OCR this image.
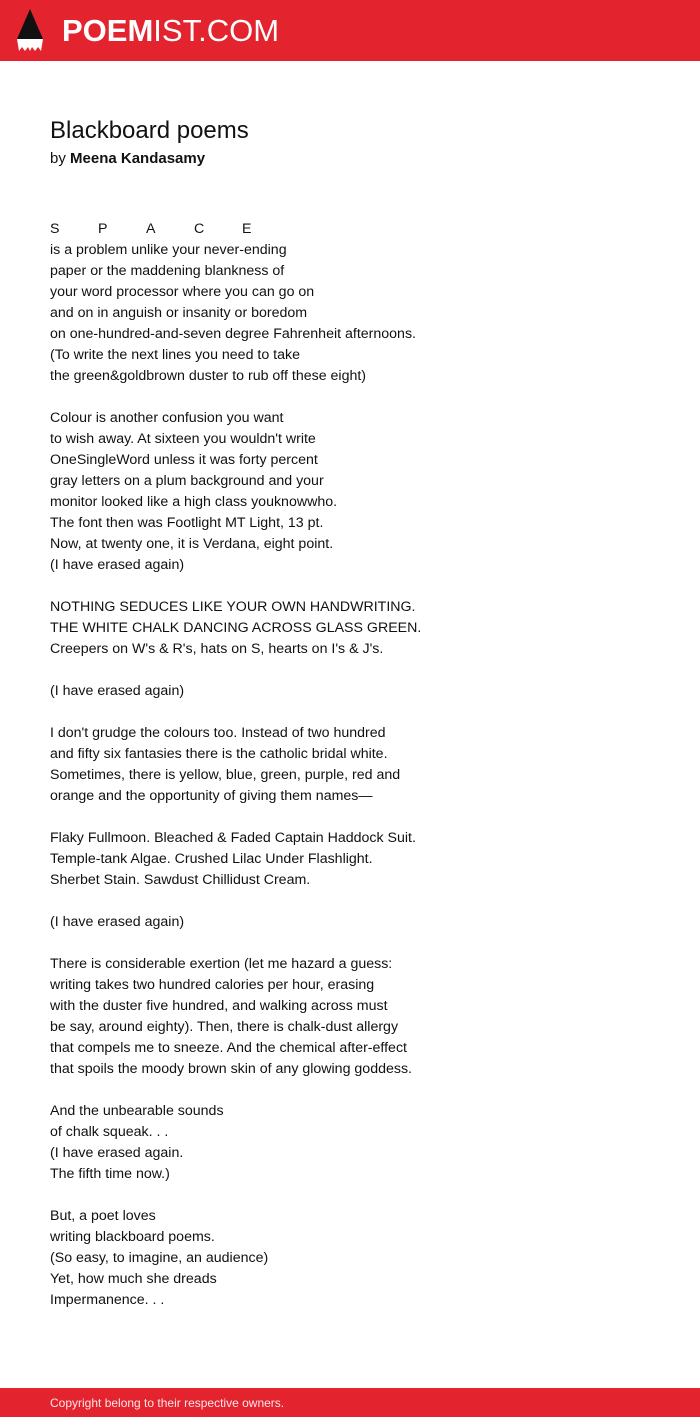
POEMIST.COM
Blackboard poems
by Meena Kandasamy
S	P	A	C	E
is a problem unlike your never-ending
paper or the maddening blankness of
your word processor where you can go on
and on in anguish or insanity or boredom
on one-hundred-and-seven degree Fahrenheit afternoons.
(To write the next lines you need to take
the green&goldbrown duster to rub off these eight)
Colour is another confusion you want
to wish away. At sixteen you wouldn't write
OneSingleWord unless it was forty percent
gray letters on a plum background and your
monitor looked like a high class youknowwho.
The font then was Footlight MT Light, 13 pt.
Now, at twenty one, it is Verdana, eight point.
(I have erased again)
NOTHING SEDUCES LIKE YOUR OWN HANDWRITING.
THE WHITE CHALK DANCING ACROSS GLASS GREEN.
Creepers on W's & R's, hats on S, hearts on I's & J's.
(I have erased again)
I don't grudge the colours too. Instead of two hundred
and fifty six fantasies there is the catholic bridal white.
Sometimes, there is yellow, blue, green, purple, red and
orange and the opportunity of giving them names—
Flaky Fullmoon. Bleached & Faded Captain Haddock Suit.
Temple-tank Algae. Crushed Lilac Under Flashlight.
Sherbet Stain. Sawdust Chillidust Cream.
(I have erased again)
There is considerable exertion (let me hazard a guess:
writing takes two hundred calories per hour, erasing
with the duster five hundred, and walking across must
be say, around eighty). Then, there is chalk-dust allergy
that compels me to sneeze. And the chemical after-effect
that spoils the moody brown skin of any glowing goddess.
And the unbearable sounds
of chalk squeak. . .
(I have erased again.
The fifth time now.)
But, a poet loves
writing blackboard poems.
(So easy, to imagine, an audience)
Yet, how much she dreads
Impermanence. . .
Copyright belong to their respective owners.
